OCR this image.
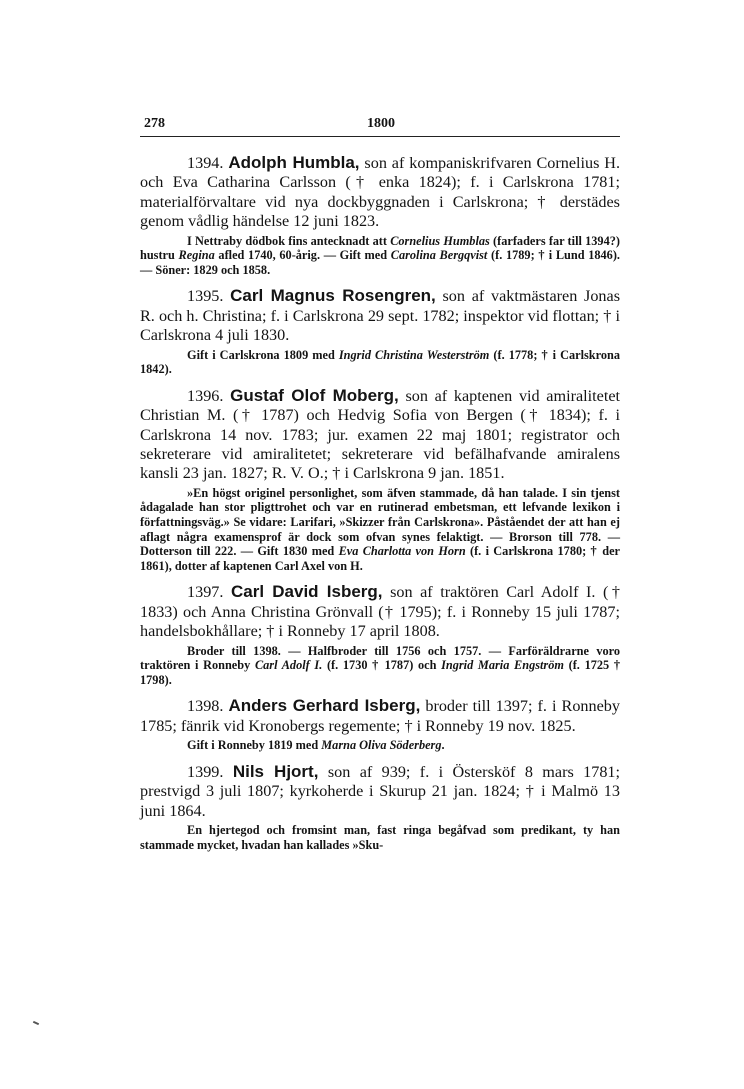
278	1800

1394. Adolph Humbla, son af kompaniskrifvaren Cornelius H. och Eva Catharina Carlsson († enka 1824); f. i Carlskrona 1781; materialförvaltare vid nya dockbyggnaden i Carlskrona; † derstädes genom vådlig händelse 12 juni 1823.

I Nettraby dödbok fins antecknadt att Cornelius Humblas (farfaders far till 1394?) hustru Regina afled 1740, 60-årig. — Gift med Carolina Bergqvist (f. 1789; † i Lund 1846). — Söner: 1829 och 1858.

1395. Carl Magnus Rosengren, son af vaktmästaren Jonas R. och h. Christina; f. i Carlskrona 29 sept. 1782; inspektor vid flottan; † i Carlskrona 4 juli 1830.

Gift i Carlskrona 1809 med Ingrid Christina Westerström (f. 1778; † i Carlskrona 1842).

1396. Gustaf Olof Moberg, son af kaptenen vid amiralitetet Christian M. († 1787) och Hedvig Sofia von Bergen († 1834); f. i Carlskrona 14 nov. 1783; jur. examen 22 maj 1801; registrator och sekreterare vid amiralitetet; sekreterare vid befälhafvande amiralens kansli 23 jan. 1827; R. V. O.; † i Carlskrona 9 jan. 1851.

»En högst originel personlighet, som äfven stammade, då han talade. I sin tjenst ådagalade han stor pligttrohet och var en rutinerad embetsman, ett lefvande lexikon i författningsväg.» Se vidare: Larifari, »Skizzer från Carlskrona». Påståendet der att han ej aflagt några examensprof är dock som ofvan synes felaktigt. — Brorson till 778. — Dotterson till 222. — Gift 1830 med Eva Charlotta von Horn (f. i Carlskrona 1780; † der 1861), dotter af kaptenen Carl Axel von H.

1397. Carl David Isberg, son af traktören Carl Adolf I. († 1833) och Anna Christina Grönvall († 1795); f. i Ronneby 15 juli 1787; handelsbokhållare; † i Ronneby 17 april 1808.

Broder till 1398. — Halfbroder till 1756 och 1757. — Farföräldrarne voro traktören i Ronneby Carl Adolf I. (f. 1730 † 1787) och Ingrid Maria Engström (f. 1725 † 1798).

1398. Anders Gerhard Isberg, broder till 1397; f. i Ronneby 1785; fänrik vid Kronobergs regemente; † i Ronneby 19 nov. 1825.

Gift i Ronneby 1819 med Marna Oliva Söderberg.

1399. Nils Hjort, son af 939; f. i Östersköf 8 mars 1781; prestvigd 3 juli 1807; kyrkoherde i Skurup 21 jan. 1824; † i Malmö 13 juni 1864.

En hjertegod och fromsint man, fast ringa begåfvad som predikant, ty han stammade mycket, hvadan han kallades »Sku-
